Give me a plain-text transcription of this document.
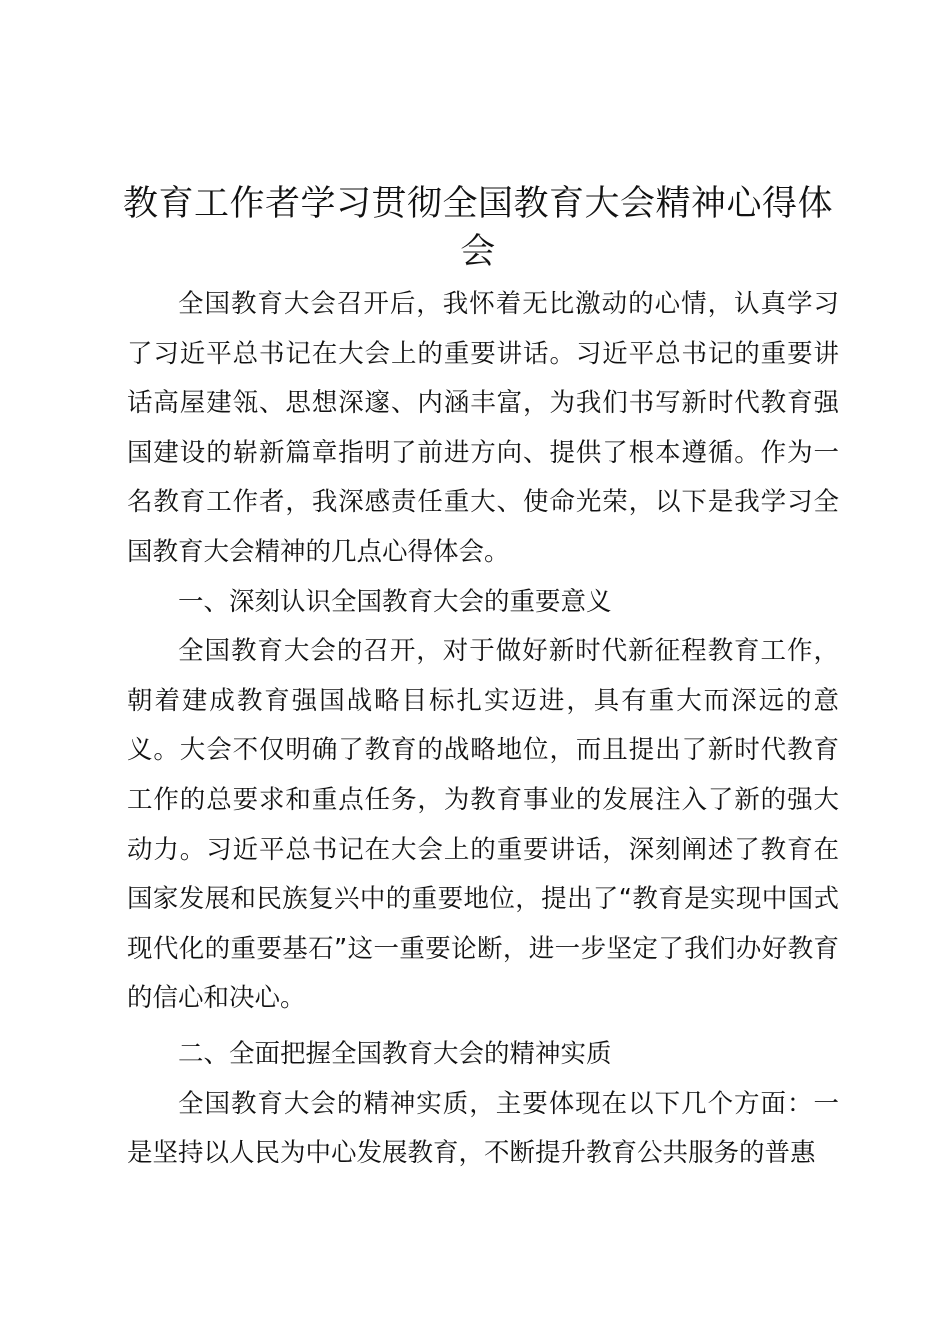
教育工作者学习贯彻全国教育大会精神心得体会

全国教育大会召开后，我怀着无比激动的心情，认真学习了习近平总书记在大会上的重要讲话。习近平总书记的重要讲话高屋建瓴、思想深邃、内涵丰富，为我们书写新时代教育强国建设的崭新篇章指明了前进方向、提供了根本遵循。作为一名教育工作者，我深感责任重大、使命光荣，以下是我学习全国教育大会精神的几点心得体会。

一、深刻认识全国教育大会的重要意义

全国教育大会的召开，对于做好新时代新征程教育工作，朝着建成教育强国战略目标扎实迈进，具有重大而深远的意义。大会不仅明确了教育的战略地位，而且提出了新时代教育工作的总要求和重点任务，为教育事业的发展注入了新的强大动力。习近平总书记在大会上的重要讲话，深刻阐述了教育在国家发展和民族复兴中的重要地位，提出了“教育是实现中国式现代化的重要基石”这一重要论断，进一步坚定了我们办好教育的信心和决心。

二、全面把握全国教育大会的精神实质

全国教育大会的精神实质，主要体现在以下几个方面：一是坚持以人民为中心发展教育，不断提升教育公共服务的普惠
